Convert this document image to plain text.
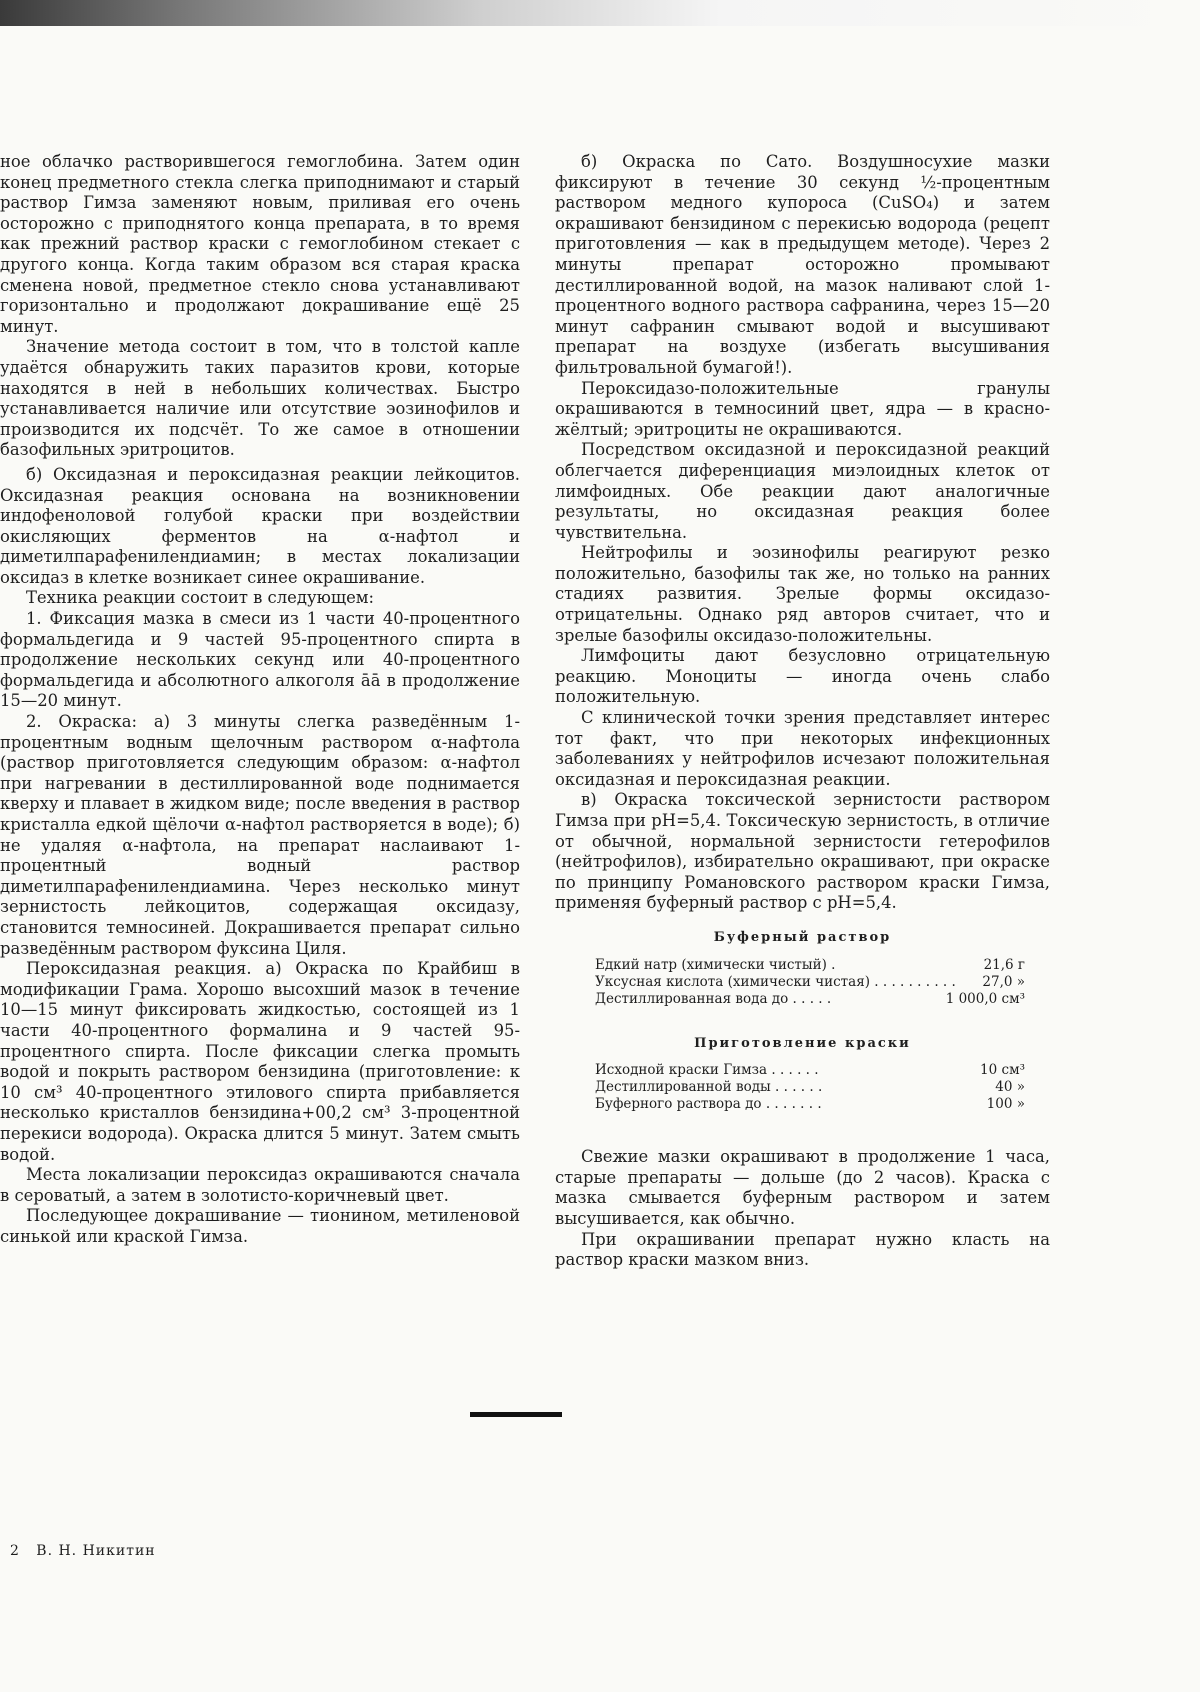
ное облачко растворившегося гемоглобина. Затем один конец предметного стекла слегка приподнимают и старый раствор Гимза заменяют новым, приливая его очень осторожно с приподнятого конца препарата, в то время как прежний раствор краски с гемоглобином стекает с другого конца. Когда таким образом вся старая краска сменена новой, предметное стекло снова устанавливают горизонтально и продолжают докрашивание ещё 25 минут.

Значение метода состоит в том, что в толстой капле удаётся обнаружить таких паразитов крови, которые находятся в ней в небольших количествах. Быстро устанавливается наличие или отсутствие эозинофилов и производится их подсчёт. То же самое в отношении базофильных эритроцитов.

б) Оксидазная и пероксидазная реакции лейкоцитов. Оксидазная реакция основана на возникновении индофеноловой голубой краски при воздействии окисляющих ферментов на α-нафтол и диметилпарафенилендиамин; в местах локализации оксидаз в клетке возникает синее окрашивание.

Техника реакции состоит в следующем:

1. Фиксация мазка в смеси из 1 части 40-процентного формальдегида и 9 частей 95-процентного спирта в продолжение нескольких секунд или 40-процентного формальдегида и абсолютного алкоголя āā в продолжение 15—20 минут.

2. Окраска: а) 3 минуты слегка разведённым 1-процентным водным щелочным раствором α-нафтола (раствор приготовляется следующим образом: α-нафтол при нагревании в дестиллированной воде поднимается кверху и плавает в жидком виде; после введения в раствор кристалла едкой щёлочи α-нафтол растворяется в воде); б) не удаляя α-нафтола, на препарат наслаивают 1-процентный водный раствор диметилпарафенилендиамина. Через несколько минут зернистость лейкоцитов, содержащая оксидазу, становится темносиней. Докрашивается препарат сильно разведённым раствором фуксина Циля.

Пероксидазная реакция. а) Окраска по Крайбиш в модификации Грама. Хорошо высохший мазок в течение 10—15 минут фиксировать жидкостью, состоящей из 1 части 40-процентного формалина и 9 частей 95-процентного спирта. После фиксации слегка промыть водой и покрыть раствором бензидина (приготовление: к 10 см³ 40-процентного этилового спирта прибавляется несколько кристаллов бензидина+00,2 см³ 3-процентной перекиси водорода). Окраска длится 5 минут. Затем смыть водой.

Места локализации пероксидаз окрашиваются сначала в сероватый, а затем в золотисто-коричневый цвет.

Последующее докрашивание — тионином, метиленовой синькой или краской Гимза.

б) Окраска по Сато. Воздушносухие мазки фиксируют в течение 30 секунд ½-процентным раствором медного купороса (CuSO₄) и затем окрашивают бензидином с перекисью водорода (рецепт приготовления — как в предыдущем методе). Через 2 минуты препарат осторожно промывают дестиллированной водой, на мазок наливают слой 1-процентного водного раствора сафранина, через 15—20 минут сафранин смывают водой и высушивают препарат на воздухе (избегать высушивания фильтровальной бумагой!).

Пероксидазо-положительные гранулы окрашиваются в темносиний цвет, ядра — в красно-жёлтый; эритроциты не окрашиваются.

Посредством оксидазной и пероксидазной реакций облегчается диференциация миэлоидных клеток от лимфоидных. Обе реакции дают аналогичные результаты, но оксидазная реакция более чувствительна.

Нейтрофилы и эозинофилы реагируют резко положительно, базофилы так же, но только на ранних стадиях развития. Зрелые формы оксидазо-отрицательны. Однако ряд авторов считает, что и зрелые базофилы оксидазо-положительны.

Лимфоциты дают безусловно отрицательную реакцию. Моноциты — иногда очень слабо положительную.

С клинической точки зрения представляет интерес тот факт, что при некоторых инфекционных заболеваниях у нейтрофилов исчезают положительная оксидазная и пероксидазная реакции.

в) Окраска токсической зернистости раствором Гимза при pH=5,4. Токсическую зернистость, в отличие от обычной, нормальной зернистости гетерофилов (нейтрофилов), избирательно окрашивают, при окраске по принципу Романовского раствором краски Гимза, применяя буферный раствор с pH=5,4.

Буферный раствор
Едкий натр (химически чистый) .	21,6 г
Уксусная кислота (химически чистая) . . . . . . . . . . 27,0 »
Дестиллированная вода до . . . . .	1 000,0 см³
Приготовление краски
Исходной краски Гимза . . . . . .	10 см³
Дестиллированной воды . . . . . .	40 »
Буферного раствора до . . . . . . .	100 »

Свежие мазки окрашивают в продолжение 1 часа, старые препараты — дольше (до 2 часов). Краска с мазка смывается буферным раствором и затем высушивается, как обычно.

При окрашивании препарат нужно класть на раствор краски мазком вниз.

2 В. Н. Никитин
